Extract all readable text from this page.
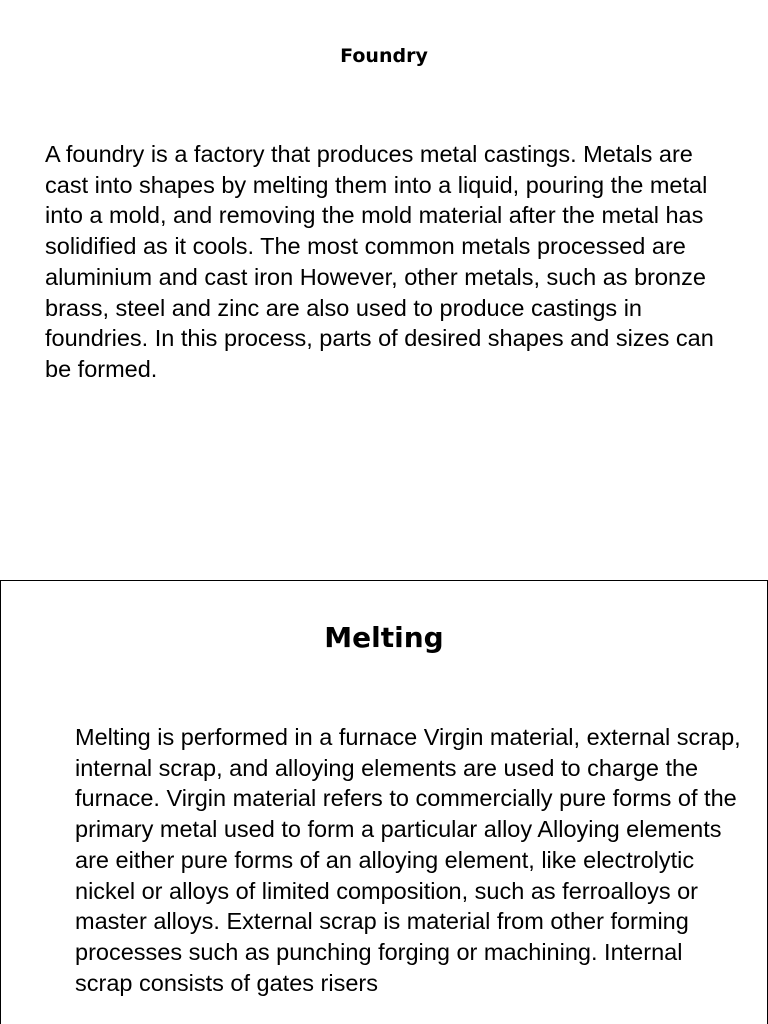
Foundry

A foundry is a factory that produces metal castings. Metals are cast into shapes by melting them into a liquid, pouring the metal into a mold, and removing the mold material after the metal has solidified as it cools. The most common metals processed are aluminium and cast iron However, other metals, such as bronze brass, steel and zinc are also used to produce castings in foundries. In this process, parts of desired shapes and sizes can be formed.

Melting

Melting is performed in a furnace Virgin material, external scrap, internal scrap, and alloying elements are used to charge the furnace. Virgin material refers to commercially pure forms of the primary metal used to form a particular alloy Alloying elements are either pure forms of an alloying element, like electrolytic nickel or alloys of limited composition, such as ferroalloys or master alloys. External scrap is material from other forming processes such as punching forging or machining. Internal scrap consists of gates risers
